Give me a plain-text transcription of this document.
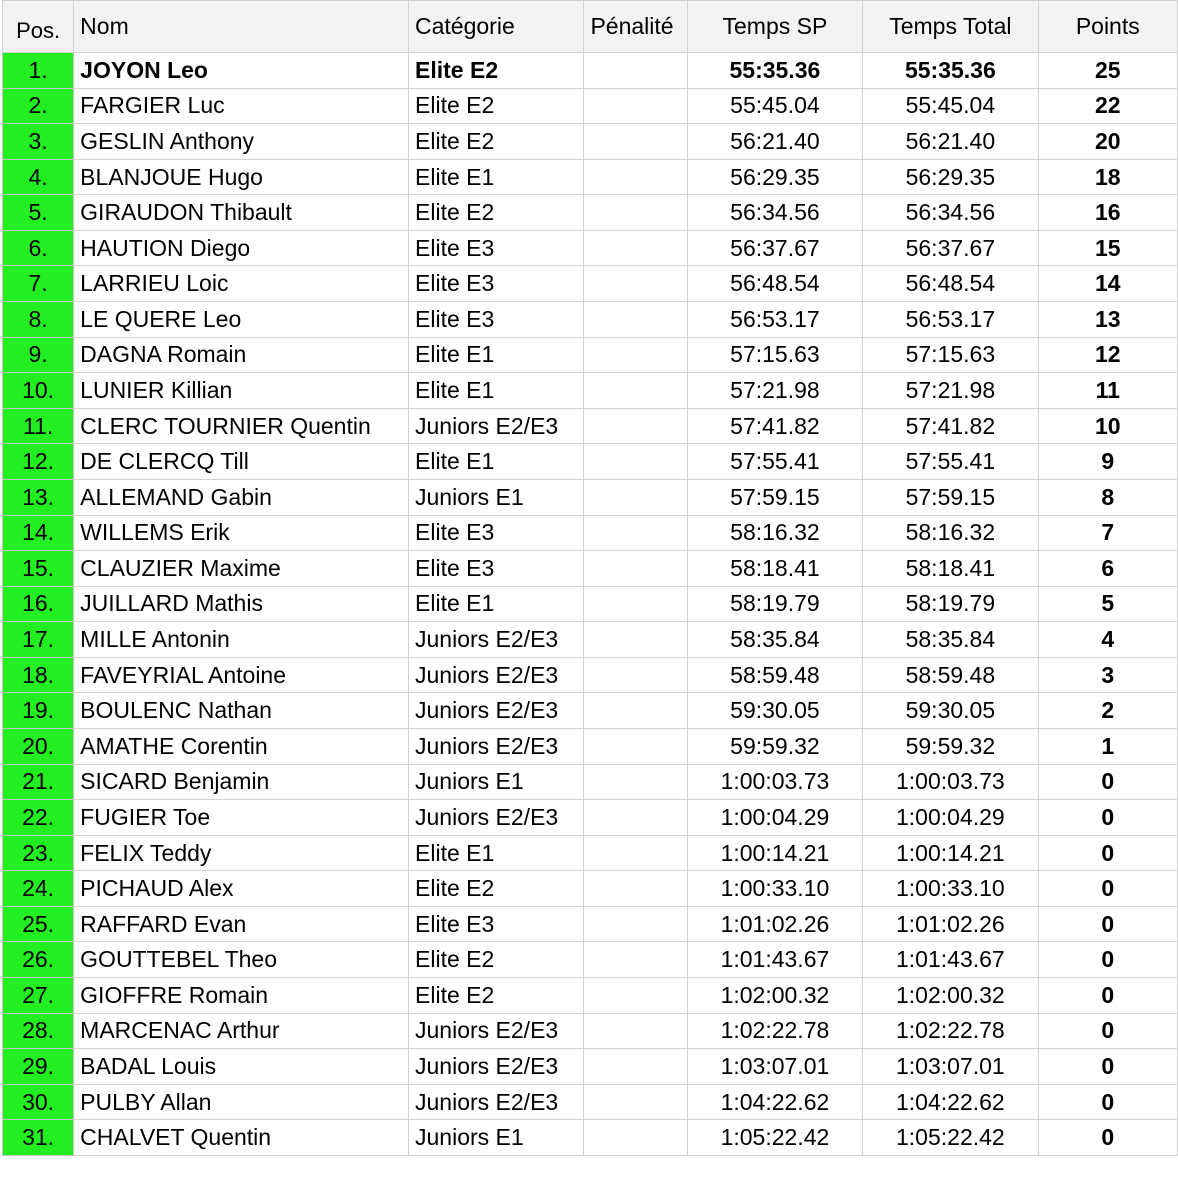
Pos.	Nom	Catégorie	Pénalité	Temps SP	Temps Total	Points
1.	JOYON Leo	Elite E2		55:35.36	55:35.36	25
2.	FARGIER Luc	Elite E2		55:45.04	55:45.04	22
3.	GESLIN Anthony	Elite E2		56:21.40	56:21.40	20
4.	BLANJOUE Hugo	Elite E1		56:29.35	56:29.35	18
5.	GIRAUDON Thibault	Elite E2		56:34.56	56:34.56	16
6.	HAUTION Diego	Elite E3		56:37.67	56:37.67	15
7.	LARRIEU Loic	Elite E3		56:48.54	56:48.54	14
8.	LE QUERE Leo	Elite E3		56:53.17	56:53.17	13
9.	DAGNA Romain	Elite E1		57:15.63	57:15.63	12
10.	LUNIER Killian	Elite E1		57:21.98	57:21.98	11
11.	CLERC TOURNIER Quentin	Juniors E2/E3		57:41.82	57:41.82	10
12.	DE CLERCQ Till	Elite E1		57:55.41	57:55.41	9
13.	ALLEMAND Gabin	Juniors E1		57:59.15	57:59.15	8
14.	WILLEMS Erik	Elite E3		58:16.32	58:16.32	7
15.	CLAUZIER Maxime	Elite E3		58:18.41	58:18.41	6
16.	JUILLARD Mathis	Elite E1		58:19.79	58:19.79	5
17.	MILLE Antonin	Juniors E2/E3		58:35.84	58:35.84	4
18.	FAVEYRIAL Antoine	Juniors E2/E3		58:59.48	58:59.48	3
19.	BOULENC Nathan	Juniors E2/E3		59:30.05	59:30.05	2
20.	AMATHE Corentin	Juniors E2/E3		59:59.32	59:59.32	1
21.	SICARD Benjamin	Juniors E1		1:00:03.73	1:00:03.73	0
22.	FUGIER Toe	Juniors E2/E3		1:00:04.29	1:00:04.29	0
23.	FELIX Teddy	Elite E1		1:00:14.21	1:00:14.21	0
24.	PICHAUD Alex	Elite E2		1:00:33.10	1:00:33.10	0
25.	RAFFARD Evan	Elite E3		1:01:02.26	1:01:02.26	0
26.	GOUTTEBEL Theo	Elite E2		1:01:43.67	1:01:43.67	0
27.	GIOFFRE Romain	Elite E2		1:02:00.32	1:02:00.32	0
28.	MARCENAC Arthur	Juniors E2/E3		1:02:22.78	1:02:22.78	0
29.	BADAL Louis	Juniors E2/E3		1:03:07.01	1:03:07.01	0
30.	PULBY Allan	Juniors E2/E3		1:04:22.62	1:04:22.62	0
31.	CHALVET Quentin	Juniors E1		1:05:22.42	1:05:22.42	0
